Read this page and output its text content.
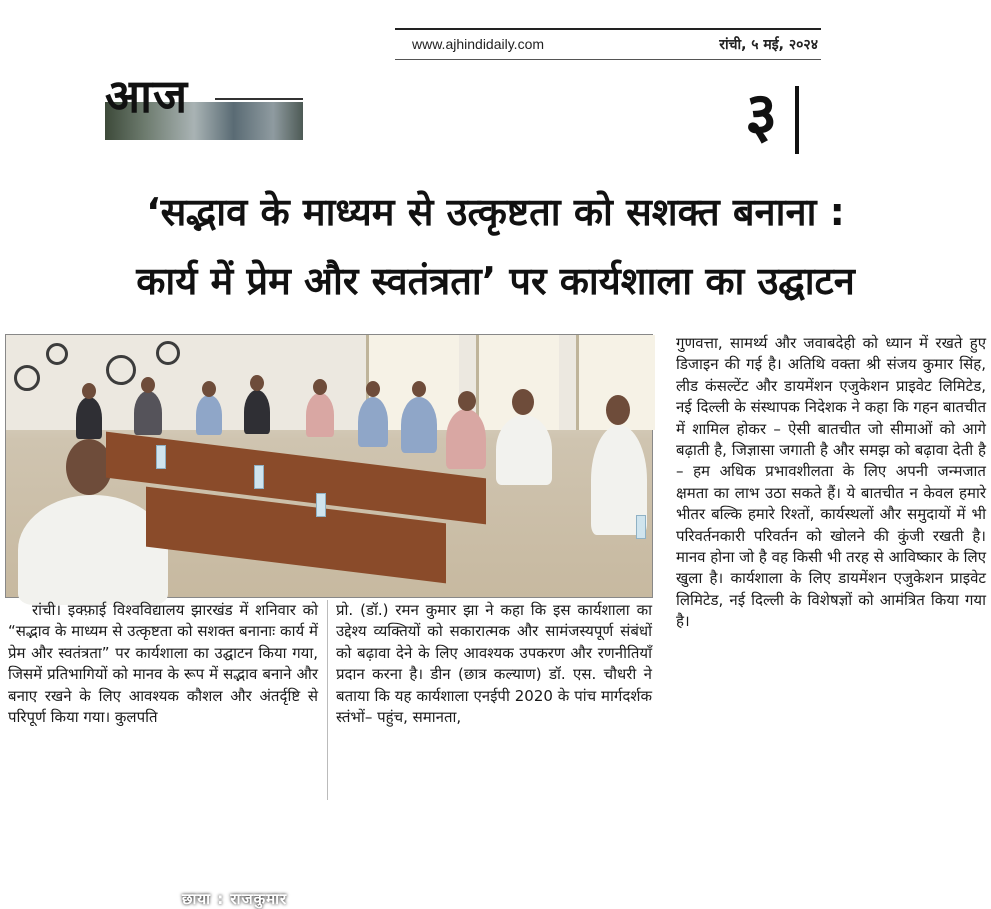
www.ajhindidaily.com	रांची, ५ मई, २०२४
आज	३
‘सद्भाव के माध्यम से उत्कृष्टता को सशक्त बनाना :
कार्य में प्रेम और स्वतंत्रता’ पर कार्यशाला का उद्घाटन
छाया : राजकुमार
रांची। इक्फ़ाई विश्वविद्यालय झारखंड में शनिवार को “सद्भाव के माध्यम से उत्कृष्टता को सशक्त बनानाः कार्य में प्रेम और स्वतंत्रता” पर कार्यशाला का उद्घाटन किया गया, जिसमें प्रतिभागियों को मानव के रूप में सद्भाव बनाने और बनाए रखने के लिए आवश्यक कौशल और अंतर्दृष्टि से परिपूर्ण किया गया। कुलपति
प्रो. (डॉ.) रमन कुमार झा ने कहा कि इस कार्यशाला का उद्देश्य व्यक्तियों को सकारात्मक और सामंजस्यपूर्ण संबंधों को बढ़ावा देने के लिए आवश्यक उपकरण और रणनीतियाँ प्रदान करना है। डीन (छात्र कल्याण) डॉ. एस. चौधरी ने बताया कि यह कार्यशाला एनईपी 2020 के पांच मार्गदर्शक स्तंभों– पहुंच, समानता,
गुणवत्ता, सामर्थ्य और जवाबदेही को ध्यान में रखते हुए डिजाइन की गई है। अतिथि वक्ता श्री संजय कुमार सिंह, लीड कंसल्टेंट और डायमेंशन एजुकेशन प्राइवेट लिमिटेड, नई दिल्ली के संस्थापक निदेशक ने कहा कि गहन बातचीत में शामिल होकर – ऐसी बातचीत जो सीमाओं को आगे बढ़ाती है, जिज्ञासा जगाती है और समझ को बढ़ावा देती है – हम अधिक प्रभावशीलता के लिए अपनी जन्मजात क्षमता का लाभ उठा सकते हैं। ये बातचीत न केवल हमारे भीतर बल्कि हमारे रिश्तों, कार्यस्थलों और समुदायों में भी परिवर्तनकारी परिवर्तन को खोलने की कुंजी रखती है। मानव होना जो है वह किसी भी तरह से आविष्कार के लिए खुला है। कार्यशाला के लिए डायमेंशन एजुकेशन प्राइवेट लिमिटेड, नई दिल्ली के विशेषज्ञों को आमंत्रित किया गया है।
